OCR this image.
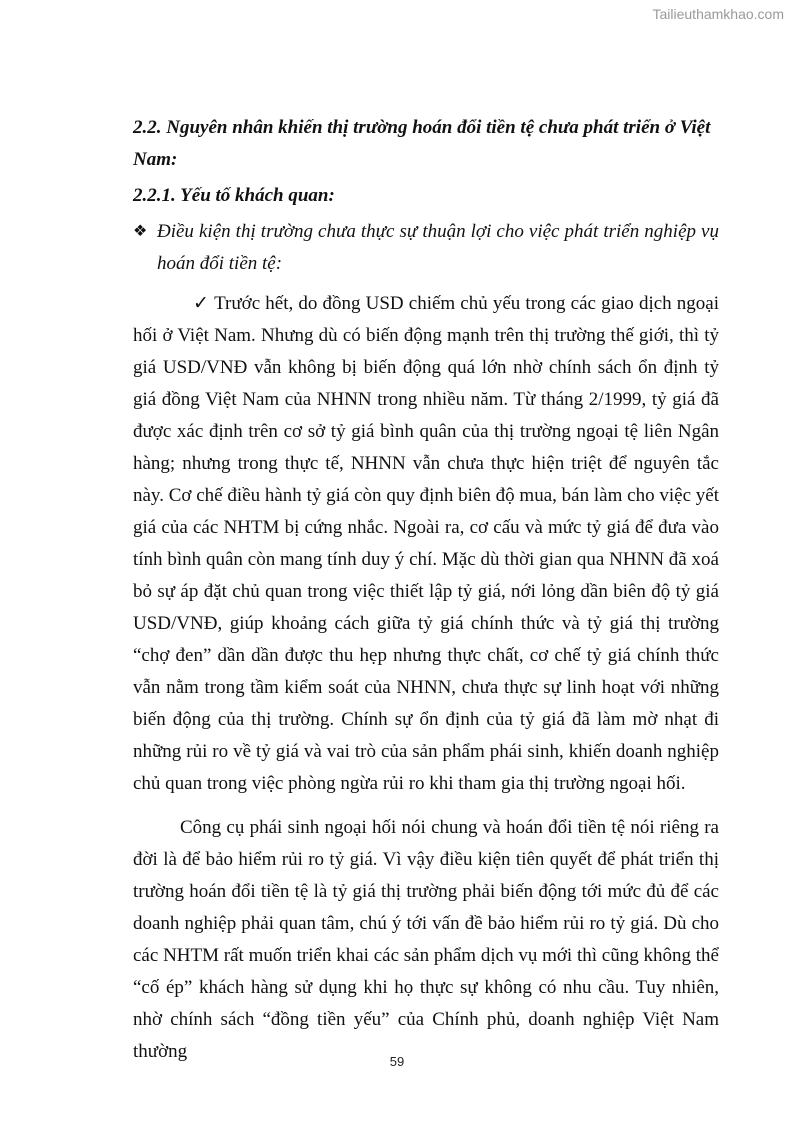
Tailieuthamkhao.com

2.2. Nguyên nhân khiến thị trường hoán đổi tiền tệ chưa phát triển ở Việt Nam:

2.2.1. Yếu tố khách quan:

❖ Điều kiện thị trường chưa thực sự thuận lợi cho việc phát triển nghiệp vụ hoán đổi tiền tệ:

✓ Trước hết, do đồng USD chiếm chủ yếu trong các giao dịch ngoại hối ở Việt Nam. Nhưng dù có biến động mạnh trên thị trường thế giới, thì tỷ giá USD/VNĐ vẫn không bị biến động quá lớn nhờ chính sách ổn định tỷ giá đồng Việt Nam của NHNN trong nhiều năm. Từ tháng 2/1999, tỷ giá đã được xác định trên cơ sở tỷ giá bình quân của thị trường ngoại tệ liên Ngân hàng; nhưng trong thực tế, NHNN vẫn chưa thực hiện triệt để nguyên tắc này. Cơ chế điều hành tỷ giá còn quy định biên độ mua, bán làm cho việc yết giá của các NHTM bị cứng nhắc. Ngoài ra, cơ cấu và mức tỷ giá để đưa vào tính bình quân còn mang tính duy ý chí. Mặc dù thời gian qua NHNN đã xoá bỏ sự áp đặt chủ quan trong việc thiết lập tỷ giá, nới lỏng dần biên độ tỷ giá USD/VNĐ, giúp khoảng cách giữa tỷ giá chính thức và tỷ giá thị trường “chợ đen” dần dần được thu hẹp nhưng thực chất, cơ chế tỷ giá chính thức vẫn nằm trong tầm kiểm soát của NHNN, chưa thực sự linh hoạt với những biến động của thị trường. Chính sự ổn định của tỷ giá đã làm mờ nhạt đi những rủi ro về tỷ giá và vai trò của sản phẩm phái sinh, khiến doanh nghiệp chủ quan trong việc phòng ngừa rủi ro khi tham gia thị trường ngoại hối.

Công cụ phái sinh ngoại hối nói chung và hoán đổi tiền tệ nói riêng ra đời là để bảo hiểm rủi ro tỷ giá. Vì vậy điều kiện tiên quyết để phát triển thị trường hoán đổi tiền tệ là tỷ giá thị trường phải biến động tới mức đủ để các doanh nghiệp phải quan tâm, chú ý tới vấn đề bảo hiểm rủi ro tỷ giá. Dù cho các NHTM rất muốn triển khai các sản phẩm dịch vụ mới thì cũng không thể “cố ép” khách hàng sử dụng khi họ thực sự không có nhu cầu. Tuy nhiên, nhờ chính sách “đồng tiền yếu” của Chính phủ, doanh nghiệp Việt Nam thường	59
